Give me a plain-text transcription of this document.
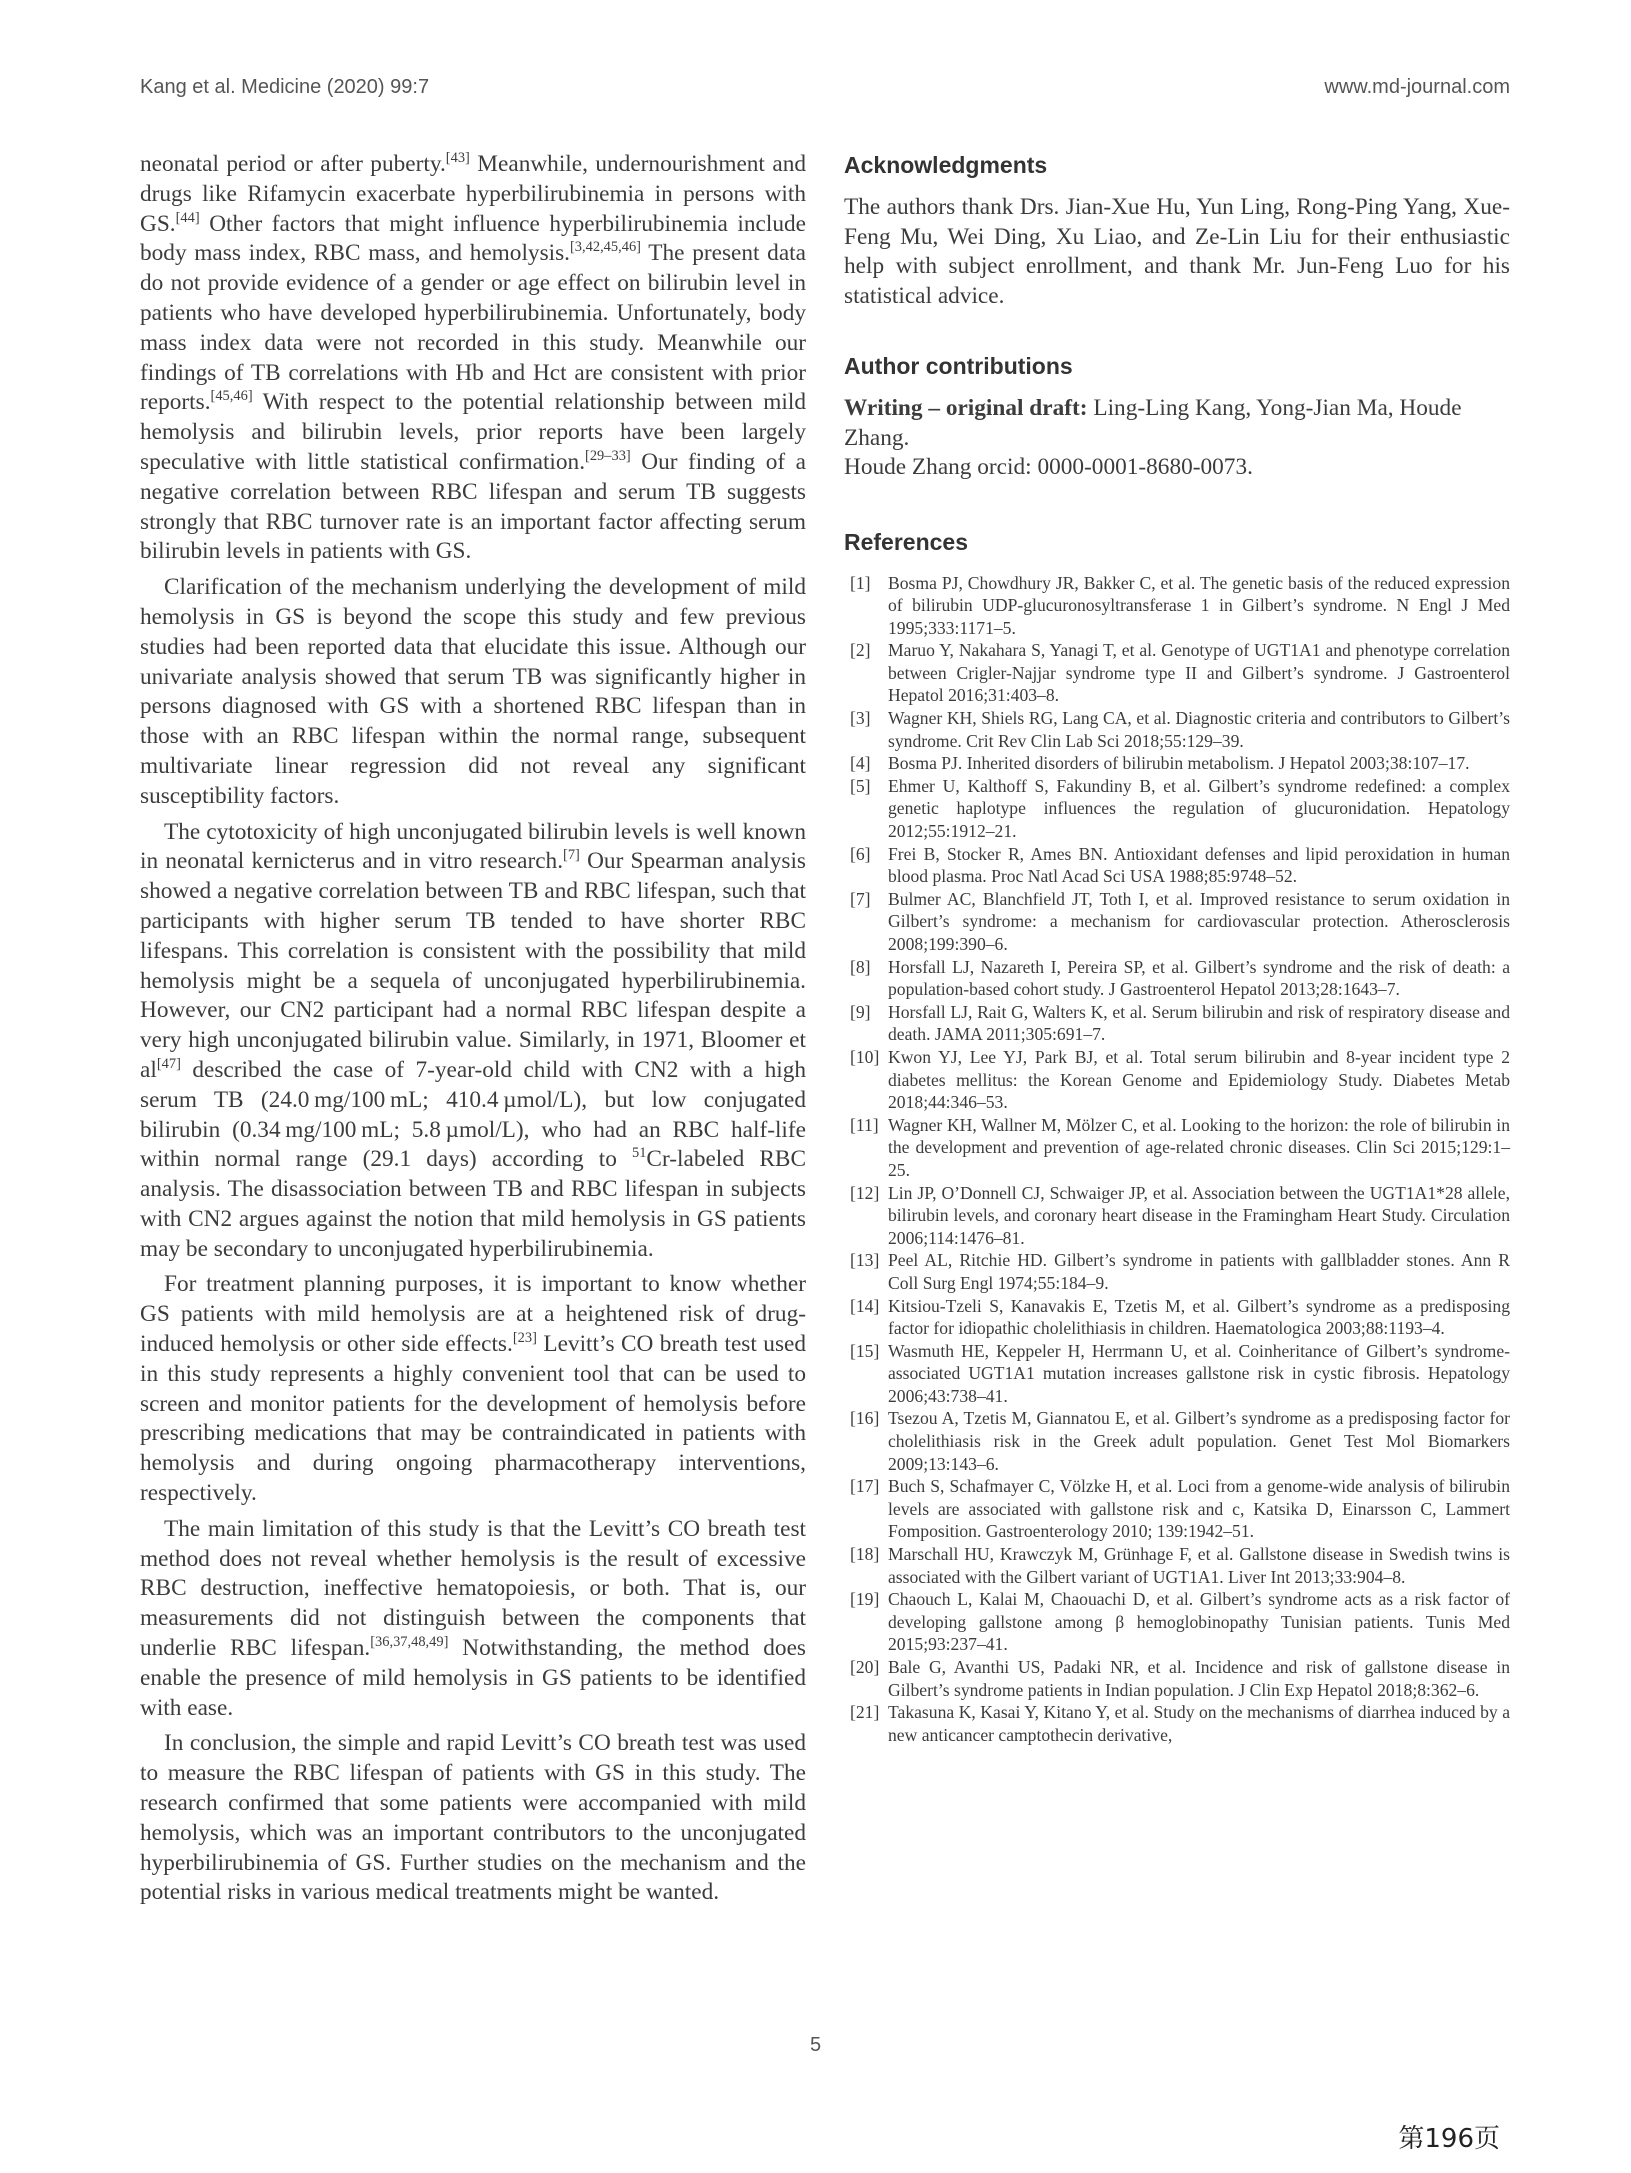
Kang et al. Medicine (2020) 99:7	www.md-journal.com

neonatal period or after puberty.[43] Meanwhile, undernourishment and drugs like Rifamycin exacerbate hyperbilirubinemia in persons with GS.[44] Other factors that might influence hyperbilirubinemia include body mass index, RBC mass, and hemolysis.[3,42,45,46] The present data do not provide evidence of a gender or age effect on bilirubin level in patients who have developed hyperbilirubinemia. Unfortunately, body mass index data were not recorded in this study. Meanwhile our findings of TB correlations with Hb and Hct are consistent with prior reports.[45,46] With respect to the potential relationship between mild hemolysis and bilirubin levels, prior reports have been largely speculative with little statistical confirmation.[29–33] Our finding of a negative correlation between RBC lifespan and serum TB suggests strongly that RBC turnover rate is an important factor affecting serum bilirubin levels in patients with GS.

Clarification of the mechanism underlying the development of mild hemolysis in GS is beyond the scope this study and few previous studies had been reported data that elucidate this issue. Although our univariate analysis showed that serum TB was significantly higher in persons diagnosed with GS with a shortened RBC lifespan than in those with an RBC lifespan within the normal range, subsequent multivariate linear regression did not reveal any significant susceptibility factors.

The cytotoxicity of high unconjugated bilirubin levels is well known in neonatal kernicterus and in vitro research.[7] Our Spearman analysis showed a negative correlation between TB and RBC lifespan, such that participants with higher serum TB tended to have shorter RBC lifespans. This correlation is consistent with the possibility that mild hemolysis might be a sequela of unconjugated hyperbilirubinemia. However, our CN2 participant had a normal RBC lifespan despite a very high unconjugated bilirubin value. Similarly, in 1971, Bloomer et al[47] described the case of 7-year-old child with CN2 with a high serum TB (24.0 mg/100 mL; 410.4 µmol/L), but low conjugated bilirubin (0.34 mg/100 mL; 5.8 µmol/L), who had an RBC half-life within normal range (29.1 days) according to $^{51}$Cr-labeled RBC analysis. The disassociation between TB and RBC lifespan in subjects with CN2 argues against the notion that mild hemolysis in GS patients may be secondary to unconjugated hyperbilirubinemia.

For treatment planning purposes, it is important to know whether GS patients with mild hemolysis are at a heightened risk of drug-induced hemolysis or other side effects.[23] Levitt’s CO breath test used in this study represents a highly convenient tool that can be used to screen and monitor patients for the development of hemolysis before prescribing medications that may be contraindicated in patients with hemolysis and during ongoing pharmacotherapy interventions, respectively.

The main limitation of this study is that the Levitt’s CO breath test method does not reveal whether hemolysis is the result of excessive RBC destruction, ineffective hematopoiesis, or both. That is, our measurements did not distinguish between the components that underlie RBC lifespan.[36,37,48,49] Notwithstanding, the method does enable the presence of mild hemolysis in GS patients to be identified with ease.

In conclusion, the simple and rapid Levitt’s CO breath test was used to measure the RBC lifespan of patients with GS in this study. The research confirmed that some patients were accompanied with mild hemolysis, which was an important contributors to the unconjugated hyperbilirubinemia of GS. Further studies on the mechanism and the potential risks in various medical treatments might be wanted.

Acknowledgments

The authors thank Drs. Jian-Xue Hu, Yun Ling, Rong-Ping Yang, Xue-Feng Mu, Wei Ding, Xu Liao, and Ze-Lin Liu for their enthusiastic help with subject enrollment, and thank Mr. Jun-Feng Luo for his statistical advice.

Author contributions

Writing – original draft: Ling-Ling Kang, Yong-Jian Ma, Houde Zhang.

Houde Zhang orcid: 0000-0001-8680-0073.

References
[1] Bosma PJ, Chowdhury JR, Bakker C, et al. The genetic basis of the reduced expression of bilirubin UDP-glucuronosyltransferase 1 in Gilbert’s syndrome. N Engl J Med 1995;333:1171–5.
[2] Maruo Y, Nakahara S, Yanagi T, et al. Genotype of UGT1A1 and phenotype correlation between Crigler-Najjar syndrome type II and Gilbert’s syndrome. J Gastroenterol Hepatol 2016;31:403–8.
[3] Wagner KH, Shiels RG, Lang CA, et al. Diagnostic criteria and contributors to Gilbert’s syndrome. Crit Rev Clin Lab Sci 2018;55:129–39.
[4] Bosma PJ. Inherited disorders of bilirubin metabolism. J Hepatol 2003;38:107–17.
[5] Ehmer U, Kalthoff S, Fakundiny B, et al. Gilbert’s syndrome redefined: a complex genetic haplotype influences the regulation of glucuronidation. Hepatology 2012;55:1912–21.
[6] Frei B, Stocker R, Ames BN. Antioxidant defenses and lipid peroxidation in human blood plasma. Proc Natl Acad Sci USA 1988;85:9748–52.
[7] Bulmer AC, Blanchfield JT, Toth I, et al. Improved resistance to serum oxidation in Gilbert’s syndrome: a mechanism for cardiovascular protection. Atherosclerosis 2008;199:390–6.
[8] Horsfall LJ, Nazareth I, Pereira SP, et al. Gilbert’s syndrome and the risk of death: a population-based cohort study. J Gastroenterol Hepatol 2013;28:1643–7.
[9] Horsfall LJ, Rait G, Walters K, et al. Serum bilirubin and risk of respiratory disease and death. JAMA 2011;305:691–7.
[10] Kwon YJ, Lee YJ, Park BJ, et al. Total serum bilirubin and 8-year incident type 2 diabetes mellitus: the Korean Genome and Epidemiology Study. Diabetes Metab 2018;44:346–53.
[11] Wagner KH, Wallner M, Mölzer C, et al. Looking to the horizon: the role of bilirubin in the development and prevention of age-related chronic diseases. Clin Sci 2015;129:1–25.
[12] Lin JP, O’Donnell CJ, Schwaiger JP, et al. Association between the UGT1A1*28 allele, bilirubin levels, and coronary heart disease in the Framingham Heart Study. Circulation 2006;114:1476–81.
[13] Peel AL, Ritchie HD. Gilbert’s syndrome in patients with gallbladder stones. Ann R Coll Surg Engl 1974;55:184–9.
[14] Kitsiou-Tzeli S, Kanavakis E, Tzetis M, et al. Gilbert’s syndrome as a predisposing factor for idiopathic cholelithiasis in children. Haematologica 2003;88:1193–4.
[15] Wasmuth HE, Keppeler H, Herrmann U, et al. Coinheritance of Gilbert’s syndrome-associated UGT1A1 mutation increases gallstone risk in cystic fibrosis. Hepatology 2006;43:738–41.
[16] Tsezou A, Tzetis M, Giannatou E, et al. Gilbert’s syndrome as a predisposing factor for cholelithiasis risk in the Greek adult population. Genet Test Mol Biomarkers 2009;13:143–6.
[17] Buch S, Schafmayer C, Völzke H, et al. Loci from a genome-wide analysis of bilirubin levels are associated with gallstone risk and c, Katsika D, Einarsson C, Lammert Fomposition. Gastroenterology 2010; 139:1942–51.
[18] Marschall HU, Krawczyk M, Grünhage F, et al. Gallstone disease in Swedish twins is associated with the Gilbert variant of UGT1A1. Liver Int 2013;33:904–8.
[19] Chaouch L, Kalai M, Chaouachi D, et al. Gilbert’s syndrome acts as a risk factor of developing gallstone among β hemoglobinopathy Tunisian patients. Tunis Med 2015;93:237–41.
[20] Bale G, Avanthi US, Padaki NR, et al. Incidence and risk of gallstone disease in Gilbert’s syndrome patients in Indian population. J Clin Exp Hepatol 2018;8:362–6.
[21] Takasuna K, Kasai Y, Kitano Y, et al. Study on the mechanisms of diarrhea induced by a new anticancer camptothecin derivative,
5
第196页
